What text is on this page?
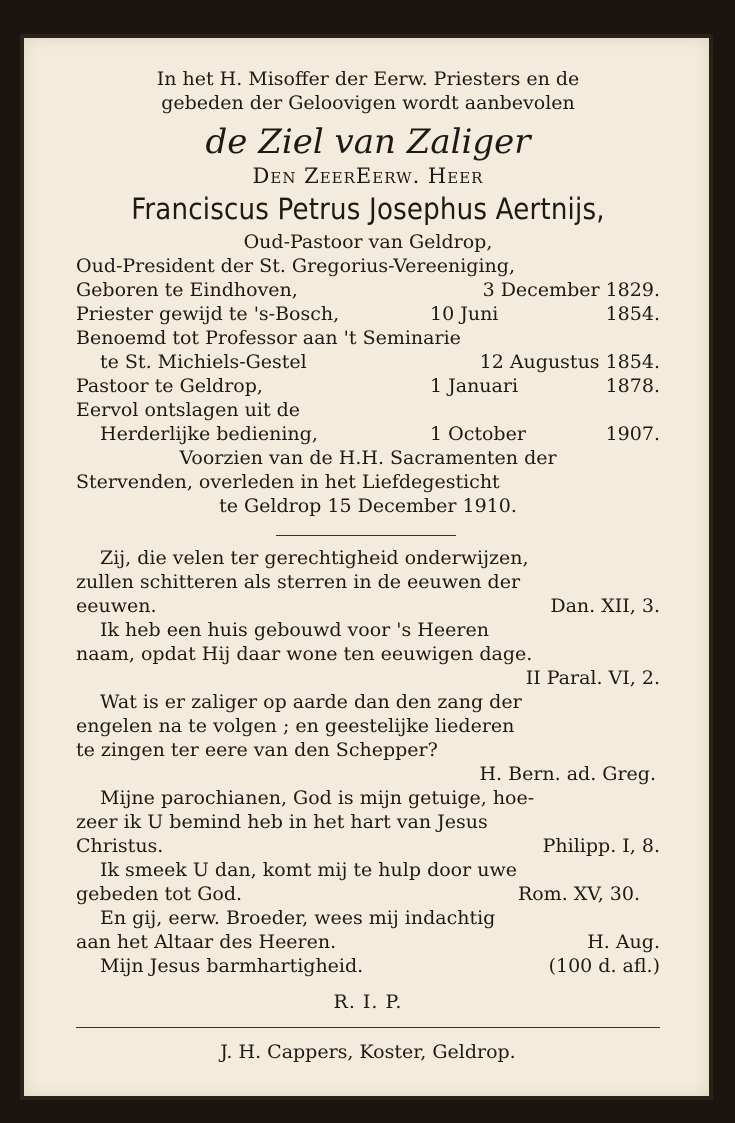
In het H. Misoffer der Eerw. Priesters en de

gebeden der Geloovigen wordt aanbevolen

de Ziel van Zaliger

Den ZeerEerw. Heer

Franciscus Petrus Josephus Aertnijs,

Oud-Pastoor van Geldrop,

Oud-President der St. Gregorius-Vereeniging,

Geboren te Eindhoven,	3 December 1829.
Priester gewijd te 's-Bosch,	10 Juni	1854.

Benoemd tot Professor aan 't Seminarie

te St. Michiels-Gestel	12 Augustus 1854.
Pastoor te Geldrop,	1 Januari	1878.

Eervol ontslagen uit de

Herderlijke bediening,	1 October	1907.

Voorzien van de H.H. Sacramenten der

Stervenden, overleden in het Liefdegesticht

te Geldrop 15 December 1910.

Zij, die velen ter gerechtigheid onderwijzen,

zullen schitteren als sterren in de eeuwen der

eeuwen.	Dan. XII, 3.

Ik heb een huis gebouwd voor 's Heeren

naam, opdat Hij daar wone ten eeuwigen dage.

II Paral. VI, 2.

Wat is er zaliger op aarde dan den zang der

engelen na te volgen ; en geestelijke liederen

te zingen ter eere van den Schepper?

H. Bern. ad. Greg.

Mijne parochianen, God is mijn getuige, hoe-

zeer ik U bemind heb in het hart van Jesus

Christus.	Philipp. I, 8.

Ik smeek U dan, komt mij te hulp door uwe

gebeden tot God.	Rom. XV, 30.

En gij, eerw. Broeder, wees mij indachtig

aan het Altaar des Heeren.	H. Aug.
Mijn Jesus barmhartigheid.	(100 d. afl.)

R. I. P.

J. H. Cappers, Koster, Geldrop.
